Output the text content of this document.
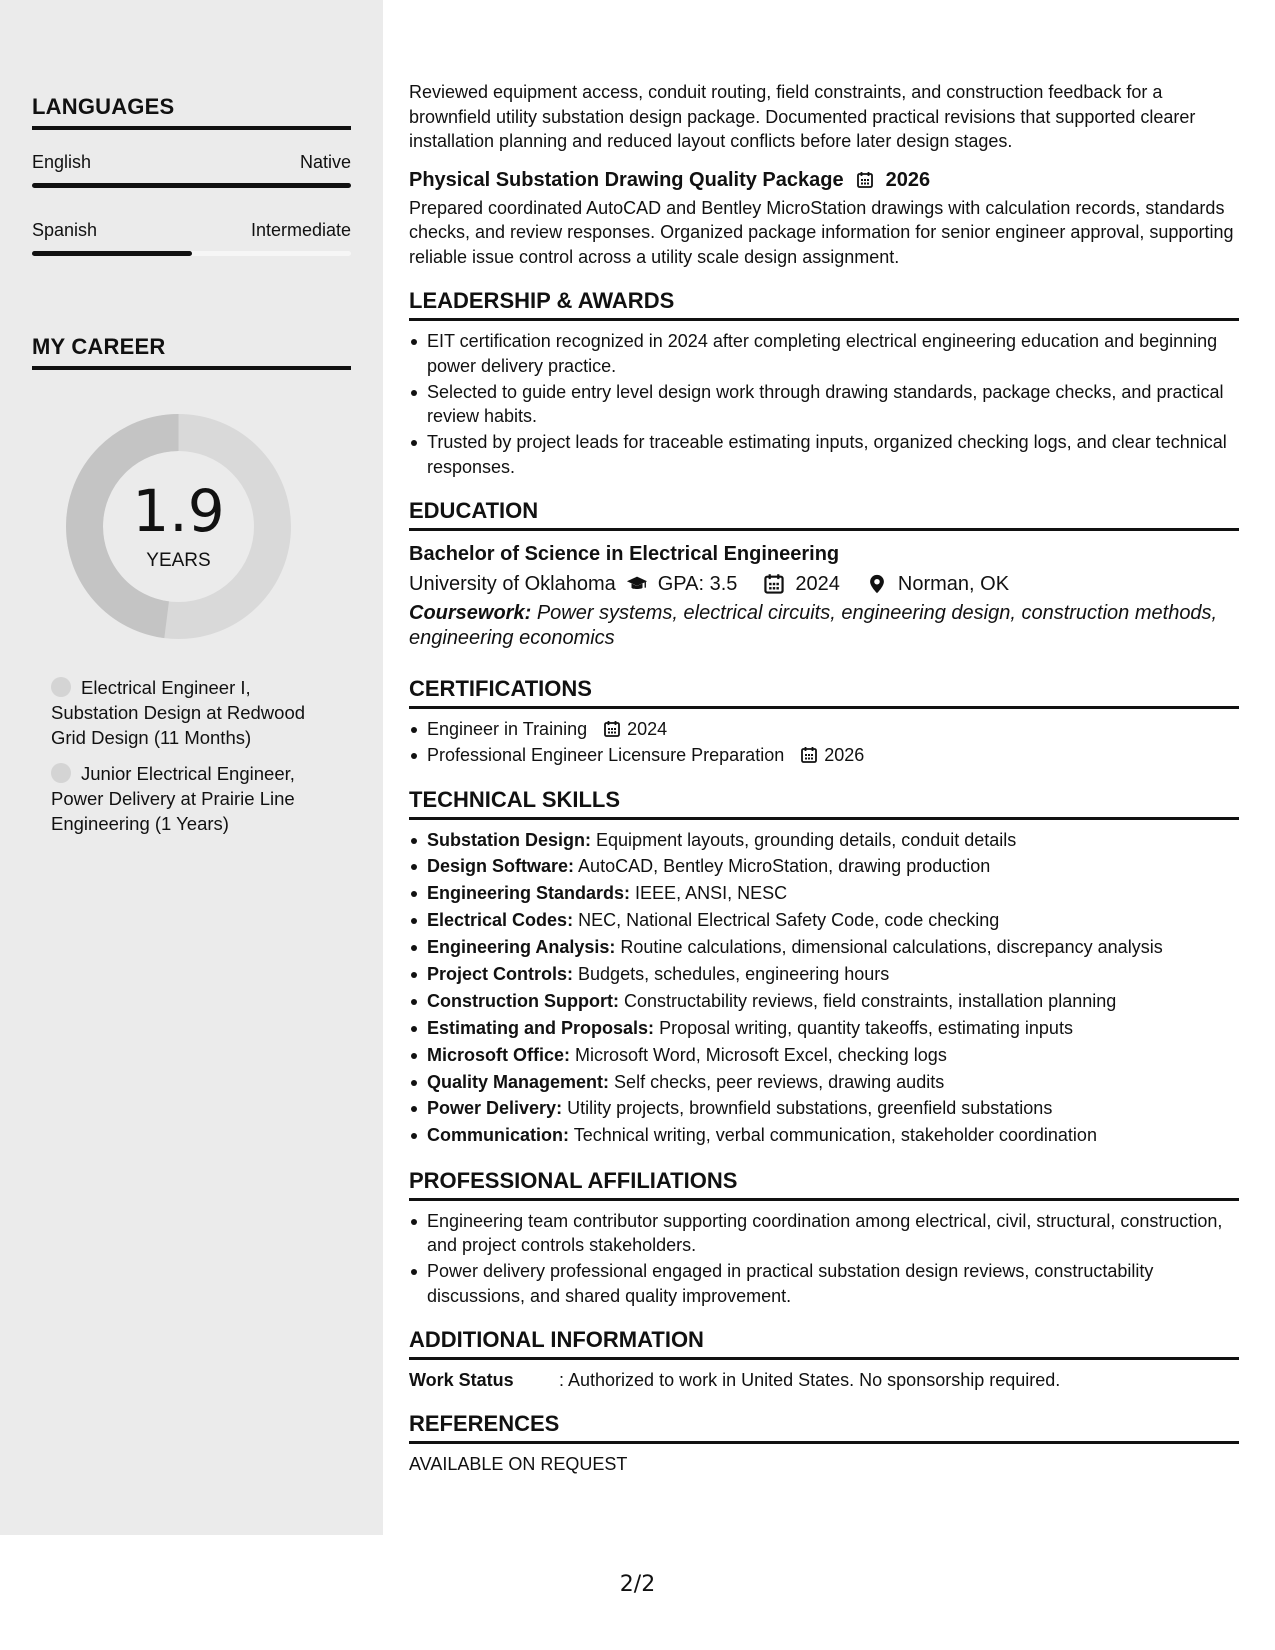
LANGUAGES
English	Native
Spanish	Intermediate
MY CAREER
1.9
YEARS
Electrical Engineer I, Substation Design at Redwood Grid Design (11 Months)
Junior Electrical Engineer, Power Delivery at Prairie Line Engineering (1 Years)

Reviewed equipment access, conduit routing, field constraints, and construction feedback for a brownfield utility substation design package. Documented practical revisions that supported clearer installation planning and reduced layout conflicts before later design stages.

Physical Substation Drawing Quality Package 2026

Prepared coordinated AutoCAD and Bentley MicroStation drawings with calculation records, standards checks, and review responses. Organized package information for senior engineer approval, supporting reliable issue control across a utility scale design assignment.

LEADERSHIP & AWARDS
EIT certification recognized in 2024 after completing electrical engineering education and beginning power delivery practice.
Selected to guide entry level design work through drawing standards, package checks, and practical review habits.
Trusted by project leads for traceable estimating inputs, organized checking logs, and clear technical responses.
EDUCATION
Bachelor of Science in Electrical Engineering
University of Oklahoma GPA: 3.5	2024	Norman, OK
Coursework: Power systems, electrical circuits, engineering design, construction methods, engineering economics
CERTIFICATIONS
Engineer in Training 2024
Professional Engineer Licensure Preparation 2026
TECHNICAL SKILLS
Substation Design: Equipment layouts, grounding details, conduit details
Design Software: AutoCAD, Bentley MicroStation, drawing production
Engineering Standards: IEEE, ANSI, NESC
Electrical Codes: NEC, National Electrical Safety Code, code checking
Engineering Analysis: Routine calculations, dimensional calculations, discrepancy analysis
Project Controls: Budgets, schedules, engineering hours
Construction Support: Constructability reviews, field constraints, installation planning
Estimating and Proposals: Proposal writing, quantity takeoffs, estimating inputs
Microsoft Office: Microsoft Word, Microsoft Excel, checking logs
Quality Management: Self checks, peer reviews, drawing audits
Power Delivery: Utility projects, brownfield substations, greenfield substations
Communication: Technical writing, verbal communication, stakeholder coordination
PROFESSIONAL AFFILIATIONS
Engineering team contributor supporting coordination among electrical, civil, structural, construction, and project controls stakeholders.
Power delivery professional engaged in practical substation design reviews, constructability discussions, and shared quality improvement.
ADDITIONAL INFORMATION
Work Status	: Authorized to work in United States. No sponsorship required.
REFERENCES
AVAILABLE ON REQUEST
2/2
